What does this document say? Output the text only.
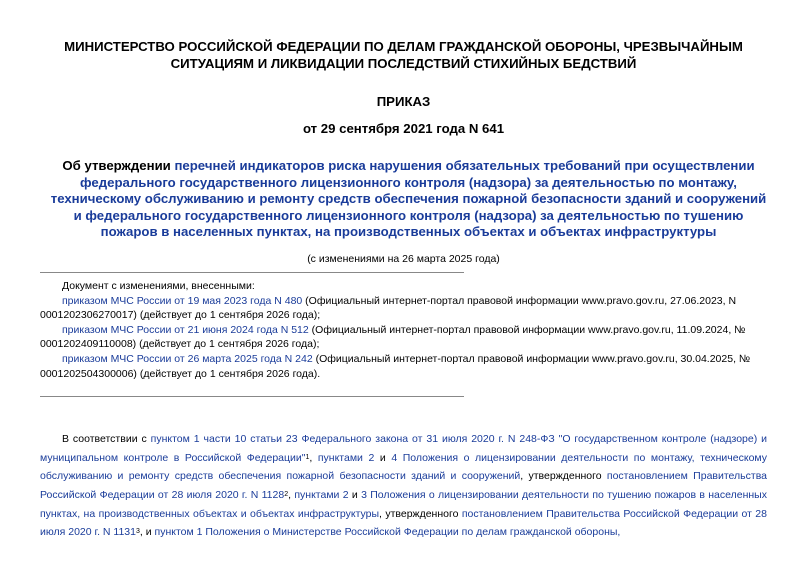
МИНИСТЕРСТВО РОССИЙСКОЙ ФЕДЕРАЦИИ ПО ДЕЛАМ ГРАЖДАНСКОЙ ОБОРОНЫ, ЧРЕЗВЫЧАЙНЫМ
СИТУАЦИЯМ И ЛИКВИДАЦИИ ПОСЛЕДСТВИЙ СТИХИЙНЫХ БЕДСТВИЙ
ПРИКАЗ
от 29 сентября 2021 года N 641
Об утверждении перечней индикаторов риска нарушения обязательных требований при осуществлении федерального государственного лицензионного контроля (надзора) за деятельностью по монтажу, техническому обслуживанию и ремонту средств обеспечения пожарной безопасности зданий и сооружений и федерального государственного лицензионного контроля (надзора) за деятельностью по тушению пожаров в населенных пунктах, на производственных объектах и объектах инфраструктуры
(с изменениями на 26 марта 2025 года)

Документ с изменениями, внесенными:

приказом МЧС России от 19 мая 2023 года N 480 (Официальный интернет-портал правовой информации www.pravo.gov.ru, 27.06.2023, N 0001202306270017) (действует до 1 сентября 2026 года);

приказом МЧС России от 21 июня 2024 года N 512 (Официальный интернет-портал правовой информации www.pravo.gov.ru, 11.09.2024, № 0001202409110008) (действует до 1 сентября 2026 года);

приказом МЧС России от 26 марта 2025 года N 242 (Официальный интернет-портал правовой информации www.pravo.gov.ru, 30.04.2025, № 0001202504300006) (действует до 1 сентября 2026 года).

В соответствии с пунктом 1 части 10 статьи 23 Федерального закона от 31 июля 2020 г. N 248-ФЗ "О государственном контроле (надзоре) и муниципальном контроле в Российской Федерации"1, пунктами 2 и 4 Положения о лицензировании деятельности по монтажу, техническому обслуживанию и ремонту средств обеспечения пожарной безопасности зданий и сооружений, утвержденного постановлением Правительства Российской Федерации от 28 июля 2020 г. N 11282, пунктами 2 и 3 Положения о лицензировании деятельности по тушению пожаров в населенных пунктах, на производственных объектах и объектах инфраструктуры, утвержденного постановлением Правительства Российской Федерации от 28 июля 2020 г. N 11313, и пунктом 1 Положения о Министерстве Российской Федерации по делам гражданской обороны,
